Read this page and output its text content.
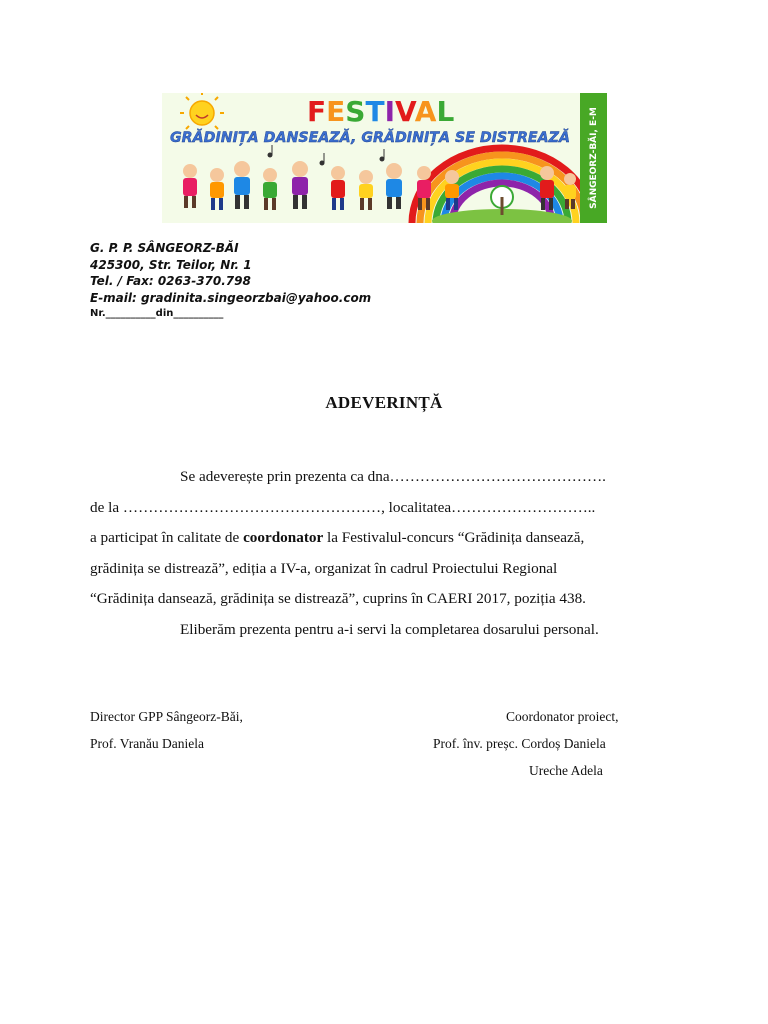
FESTIVAL
GRĂDINIȚA DANSEAZĂ, GRĂDINIȚA SE DISTREAZĂ SÂNGEORZ-BĂI, E-M
G. P. P. SÂNGEORZ-BĂI
425300, Str. Teilor, Nr. 1
Tel. / Fax: 0263-370.798
E-mail: gradinita.singeorzbai@yahoo.com
Nr.__________din__________
ADEVERINȚĂ

Se adeverește prin prezenta ca dna…………………………………….

de la ……………………………………………, localitatea………………………..

a participat în calitate de coordonator la Festivalul-concurs “Grădinița dansează,

grădinița se distrează”, ediția a IV-a, organizat în cadrul Proiectului Regional

“Grădinița dansează, grădinița se distrează”, cuprins în CAERI 2017, poziția 438.

Eliberăm prezenta pentru a-i servi la completarea dosarului personal.

Director GPP Sângeorz-Băi,
Prof. Vranău Daniela
Coordonator proiect,
Prof. înv. preșc. Cordoș Daniela
Ureche Adela
